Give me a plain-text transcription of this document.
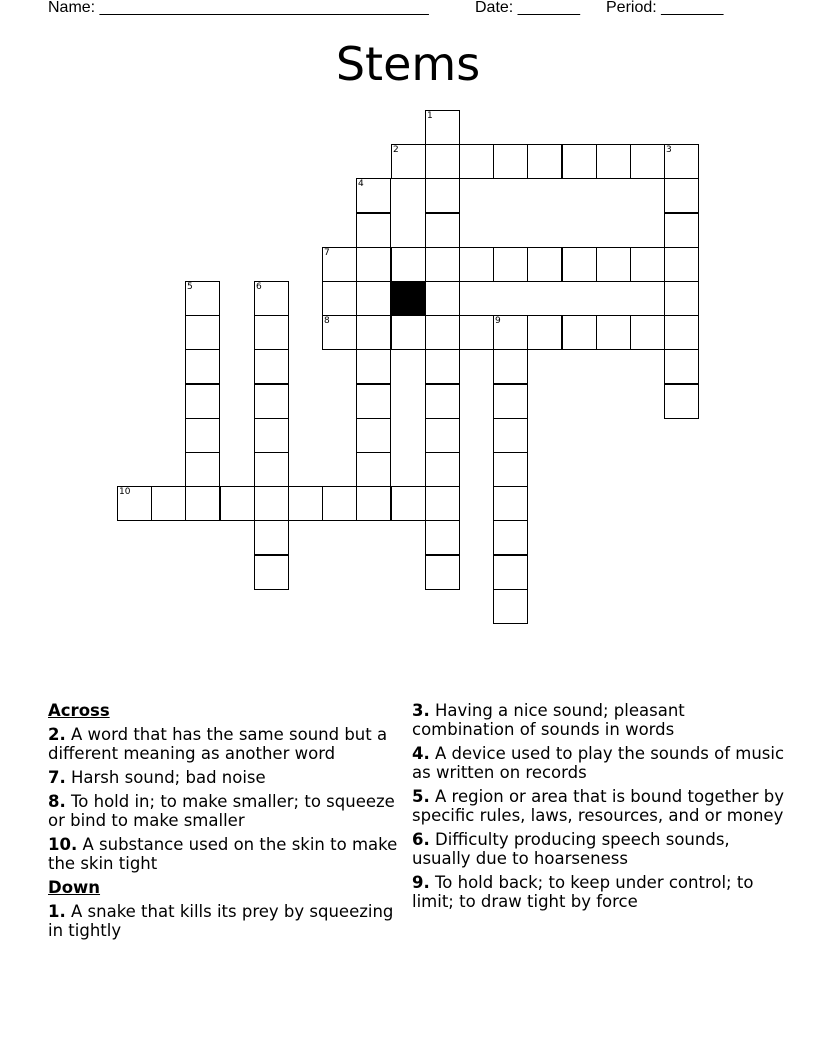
Name: _____________________________________

	Date: _______

Period: _______

Stems
1
5	6
4
3
9
2
7
8
10
Across
2. A word that has the same sound but a different meaning as another word
7. Harsh sound; bad noise
8. To hold in; to make smaller; to squeeze or bind to make smaller
10. A substance used on the skin to make the skin tight
Down
1. A snake that kills its prey by squeezing in tightly
3. Having a nice sound; pleasant combination of sounds in words
4. A device used to play the sounds of music as written on records
5. A region or area that is bound together by specific rules, laws, resources, and or money
6. Difficulty producing speech sounds, usually due to hoarseness
9. To hold back; to keep under control; to limit; to draw tight by force
